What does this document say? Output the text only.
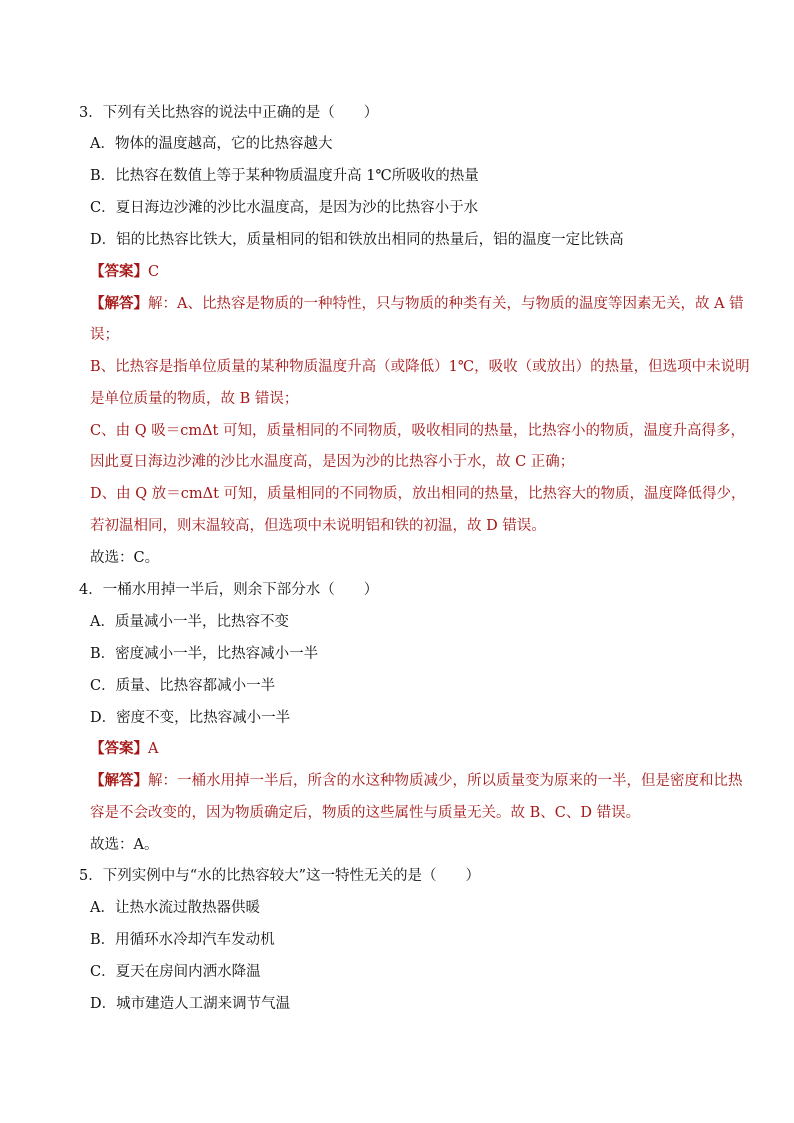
3．下列有关比热容的说法中正确的是（　　）
A．物体的温度越高，它的比热容越大
B．比热容在数值上等于某种物质温度升高 1℃所吸收的热量
C．夏日海边沙滩的沙比水温度高，是因为沙的比热容小于水
D．铝的比热容比铁大，质量相同的铝和铁放出相同的热量后，铝的温度一定比铁高
【答案】C
【解答】解：A、比热容是物质的一种特性，只与物质的种类有关，与物质的温度等因素无关，故 A 错
误；
B、比热容是指单位质量的某种物质温度升高（或降低）1℃，吸收（或放出）的热量，但选项中未说明
是单位质量的物质，故 B 错误；
C、由 Q 吸＝cmΔt 可知，质量相同的不同物质，吸收相同的热量，比热容小的物质，温度升高得多，
因此夏日海边沙滩的沙比水温度高，是因为沙的比热容小于水，故 C 正确；
D、由 Q 放＝cmΔt 可知，质量相同的不同物质，放出相同的热量，比热容大的物质，温度降低得少，
若初温相同，则末温较高，但选项中未说明铝和铁的初温，故 D 错误。
故选：C。
4．一桶水用掉一半后，则余下部分水（　　）
A．质量减小一半，比热容不变
B．密度减小一半，比热容减小一半
C．质量、比热容都减小一半
D．密度不变，比热容减小一半
【答案】A
【解答】解：一桶水用掉一半后，所含的水这种物质减少，所以质量变为原来的一半，但是密度和比热
容是不会改变的，因为物质确定后，物质的这些属性与质量无关。故 B、C、D 错误。
故选：A。
5．下列实例中与“水的比热容较大”这一特性无关的是（　　）
A．让热水流过散热器供暖
B．用循环水冷却汽车发动机
C．夏天在房间内洒水降温
D．城市建造人工湖来调节气温
